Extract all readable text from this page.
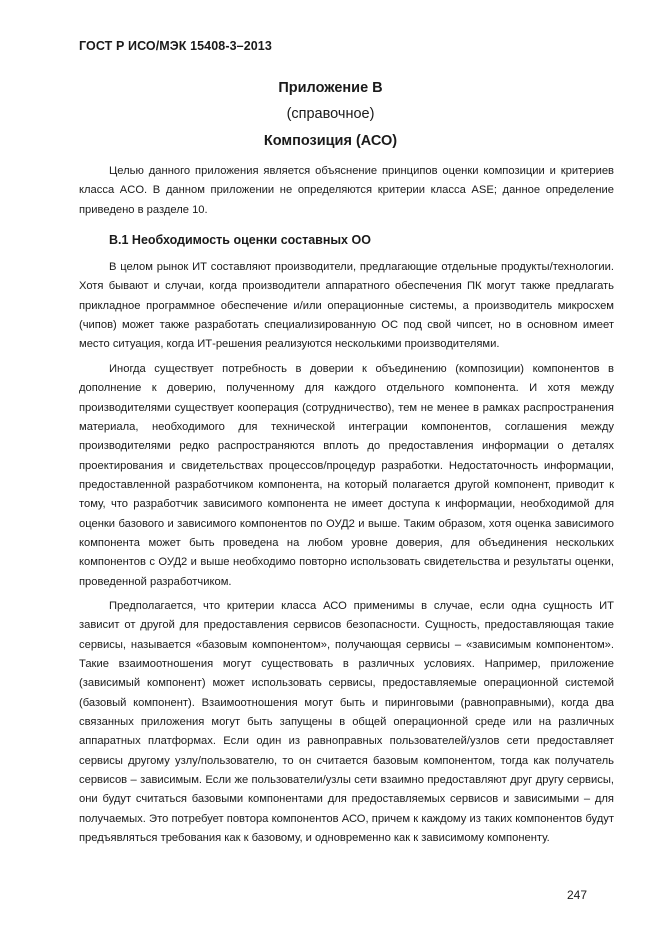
ГОСТ Р ИСО/МЭК 15408-3–2013
Приложение В
(справочное)
Композиция (АСО)

Целью данного приложения является объяснение принципов оценки композиции и критериев класса ACO. В данном приложении не определяются критерии класса ASE; данное определение приведено в разделе 10.

В.1 Необходимость оценки составных ОО

В целом рынок ИТ составляют производители, предлагающие отдельные продукты/технологии. Хотя бывают и случаи, когда производители аппаратного обеспечения ПК могут также предлагать прикладное программное обеспечение и/или операционные системы, а производитель микросхем (чипов) может также разработать специализированную ОС под свой чипсет, но в основном имеет место ситуация, когда ИТ-решения реализуются несколькими производителями.

Иногда существует потребность в доверии к объединению (композиции) компонентов в дополнение к доверию, полученному для каждого отдельного компонента. И хотя между производителями существует кооперация (сотрудничество), тем не менее в рамках распространения материала, необходимого для технической интеграции компонентов, соглашения между производителями редко распространяются вплоть до предоставления информации о деталях проектирования и свидетельствах процессов/процедур разработки. Недостаточность информации, предоставленной разработчиком компонента, на который полагается другой компонент, приводит к тому, что разработчик зависимого компонента не имеет доступа к информации, необходимой для оценки базового и зависимого компонентов по ОУД2 и выше. Таким образом, хотя оценка зависимого компонента может быть проведена на любом уровне доверия, для объединения нескольких компонентов с ОУД2 и выше необходимо повторно использовать свидетельства и результаты оценки, проведенной разработчиком.

Предполагается, что критерии класса АСО применимы в случае, если одна сущность ИТ зависит от другой для предоставления сервисов безопасности. Сущность, предоставляющая такие сервисы, называется «базовым компонентом», получающая сервисы – «зависимым компонентом». Такие взаимоотношения могут существовать в различных условиях. Например, приложение (зависимый компонент) может использовать сервисы, предоставляемые операционной системой (базовый компонент). Взаимоотношения могут быть и пиринговыми (равноправными), когда два связанных приложения могут быть запущены в общей операционной среде или на различных аппаратных платформах. Если один из равноправных пользователей/узлов сети предоставляет сервисы другому узлу/пользователю, то он считается базовым компонентом, тогда как получатель сервисов – зависимым. Если же пользователи/узлы сети взаимно предоставляют друг другу сервисы, они будут считаться базовыми компонентами для предоставляемых сервисов и зависимыми – для получаемых. Это потребует повтора компонентов АСО, причем к каждому из таких компонентов будут предъявляться требования как к базовому, и одновременно как к зависимому компоненту.

247
